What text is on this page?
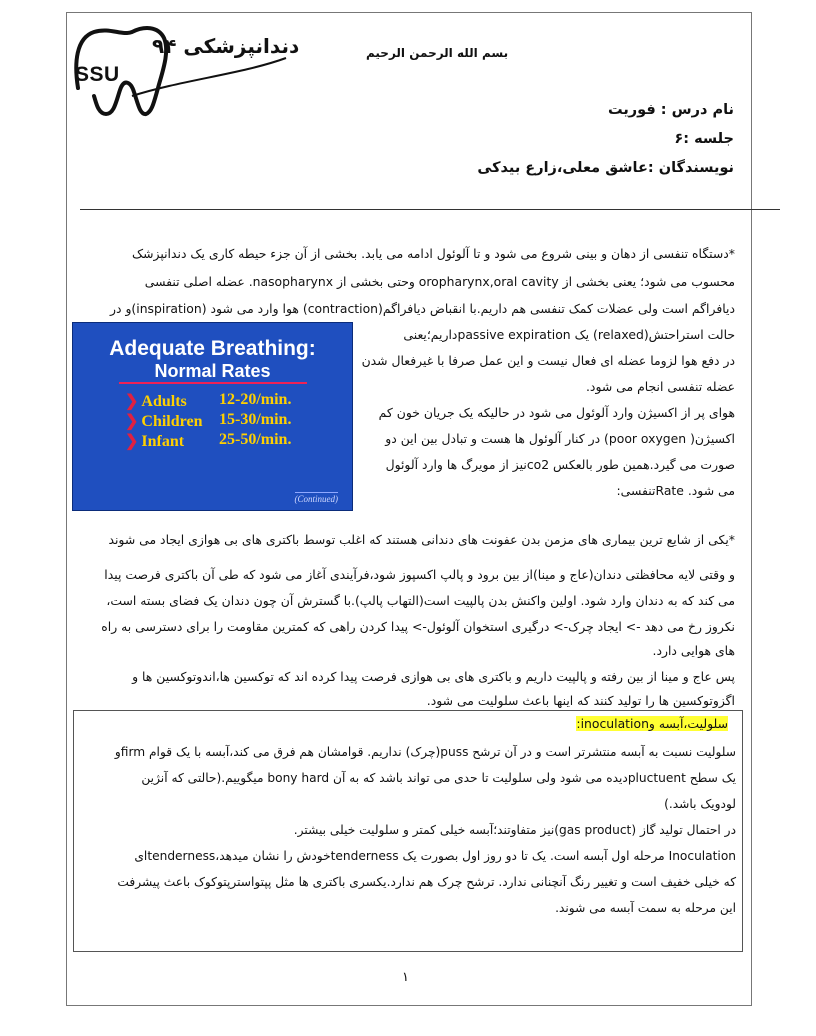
SSU
دندانپزشکی ۹۴	بسم الله الرحمن الرحیم
نام درس : فوریت
جلسه :۶
نویسندگان :عاشق معلی،زارع بیدکی
*دستگاه تنفسی از دهان و بینی شروع می شود و تا آلوئول ادامه می یابد. بخشی از آن جزء حیطه کاری یک دندانپزشک
محسوب می شود؛ یعنی بخشی از oropharynx,oral cavity وحتی بخشی از nasopharynx. عضله اصلی تنفسی
دیافراگم است ولی عضلات کمک تنفسی هم داریم.با انقباض دیافراگم(contraction) هوا وارد می شود (inspiration)و در
حالت استراحتش(relaxed) یک passive expirationداریم؛یعنی
در دفع هوا لزوما عضله ای فعال نیست و این عمل صرفا با غیرفعال شدن
عضله تنفسی انجام می شود.
هوای پر از اکسیژن وارد آلوئول می شود در حالیکه یک جریان خون کم
اکسیژن( poor oxygen) در کنار آلوئول ها هست و تبادل بین این دو
صورت می گیرد.همین طور بالعکس co2نیز از مویرگ ها وارد آلوئول
می شود. Rateتنفسی:
Adequate Breathing:
Normal Rates
❯ Adults 12-20/min.
❯ Children 15-30/min.
❯ Infant 25-50/min.
(Continued)
*یکی از شایع ترین بیماری های مزمن بدن عفونت های دندانی هستند که اغلب توسط باکتری های بی هوازی ایجاد می شوند
و وقتی لایه محافظتی دندان(عاج و مینا)از بین برود و پالپ اکسپوز شود،فرآیندی آغاز می شود که طی آن باکتری فرصت پیدا
می کند که به دندان وارد شود. اولین واکنش بدن پالپیت است(التهاب پالپ).با گسترش آن چون دندان یک فضای بسته است،
نکروز رخ می دهد -> ایجاد چرک-> درگیری استخوان آلوئول-> پیدا کردن راهی که کمترین مقاومت را برای دسترسی به راه
های هوایی دارد.
پس عاج و مینا از بین رفته و پالپیت داریم و باکتری های بی هوازی فرصت پیدا کرده اند که توکسین ها،اندوتوکسین ها و
اگزوتوکسین ها را تولید کنند که اینها باعث سلولیت می شود.
سلولیت،آبسه وinoculation:
سلولیت نسبت به آبسه منتشرتر است و در آن ترشح puss(چرک) نداریم. قوامشان هم فرق می کند،آبسه با یک قوام firmو
یک سطح pluctuentدیده می شود ولی سلولیت تا حدی می تواند باشد که به آن bony hard میگوییم.(حالتی که آنژین
لودویک باشد.)
در احتمال تولید گاز (gas product)نیز متفاوتند؛آبسه خیلی کمتر و سلولیت خیلی بیشتر.
Inoculation مرحله اول آبسه است. یک تا دو روز اول بصورت یک tendernessخودش را نشان میدهد،tendernessای
که خیلی خفیف است و تغییر رنگ آنچنانی ندارد. ترشح چرک هم ندارد.یکسری باکتری ها مثل پپتواسترپتوکوک باعث پیشرفت
این مرحله به سمت آبسه می شوند.
۱
